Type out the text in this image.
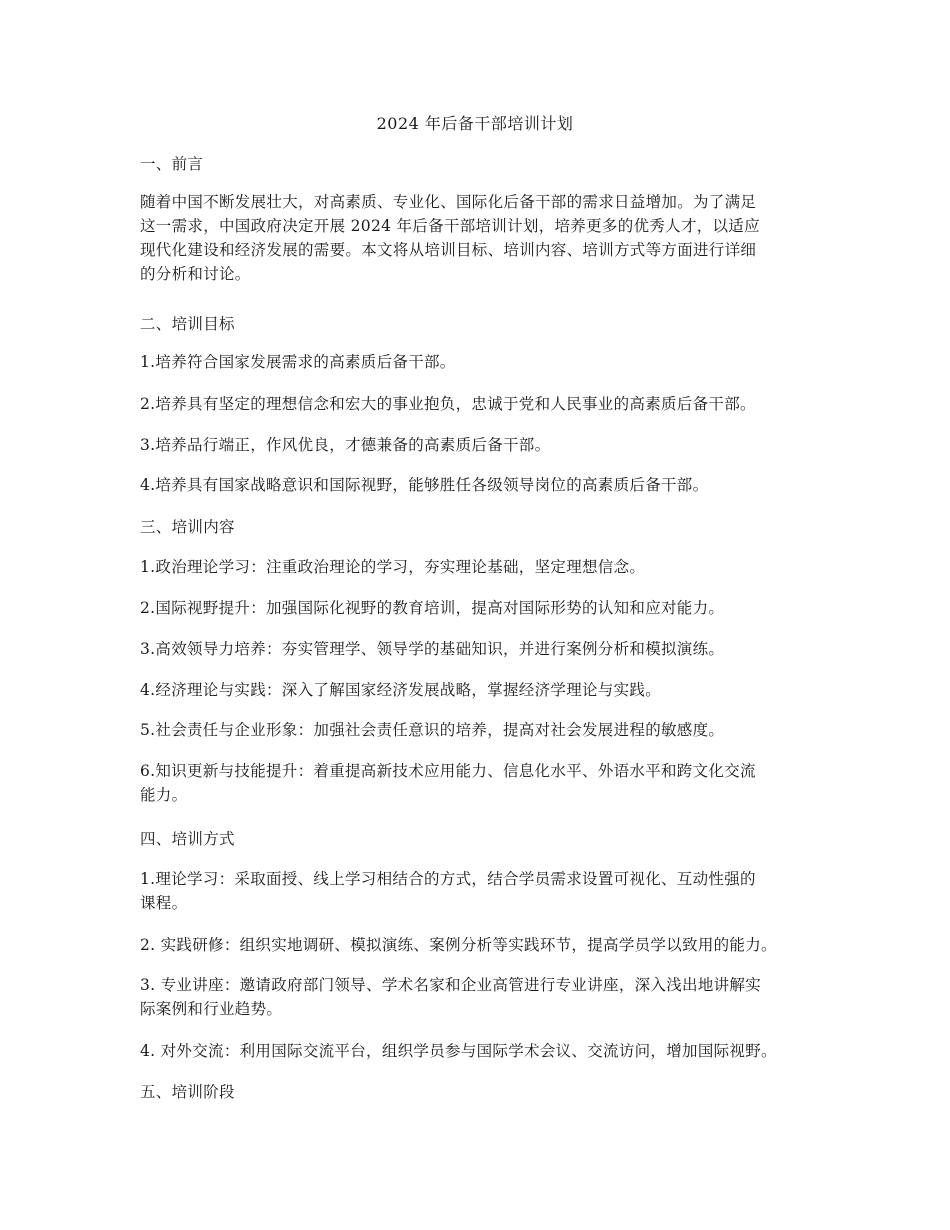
2024 年后备干部培训计划
一、前言
随着中国不断发展壮大，对高素质、专业化、国际化后备干部的需求日益增加。为了满足
这一需求，中国政府决定开展 2024 年后备干部培训计划，培养更多的优秀人才，以适应
现代化建设和经济发展的需要。本文将从培训目标、培训内容、培训方式等方面进行详细
的分析和讨论。
二、培训目标
1.培养符合国家发展需求的高素质后备干部。
2.培养具有坚定的理想信念和宏大的事业抱负，忠诚于党和人民事业的高素质后备干部。
3.培养品行端正，作风优良，才德兼备的高素质后备干部。
4.培养具有国家战略意识和国际视野，能够胜任各级领导岗位的高素质后备干部。
三、培训内容
1.政治理论学习：注重政治理论的学习，夯实理论基础，坚定理想信念。
2.国际视野提升：加强国际化视野的教育培训，提高对国际形势的认知和应对能力。
3.高效领导力培养：夯实管理学、领导学的基础知识，并进行案例分析和模拟演练。
4.经济理论与实践：深入了解国家经济发展战略，掌握经济学理论与实践。
5.社会责任与企业形象：加强社会责任意识的培养，提高对社会发展进程的敏感度。
6.知识更新与技能提升：着重提高新技术应用能力、信息化水平、外语水平和跨文化交流
能力。
四、培训方式
1.理论学习：采取面授、线上学习相结合的方式，结合学员需求设置可视化、互动性强的
课程。
2. 实践研修：组织实地调研、模拟演练、案例分析等实践环节，提高学员学以致用的能力。
3. 专业讲座：邀请政府部门领导、学术名家和企业高管进行专业讲座，深入浅出地讲解实
际案例和行业趋势。
4. 对外交流：利用国际交流平台，组织学员参与国际学术会议、交流访问，增加国际视野。
五、培训阶段
